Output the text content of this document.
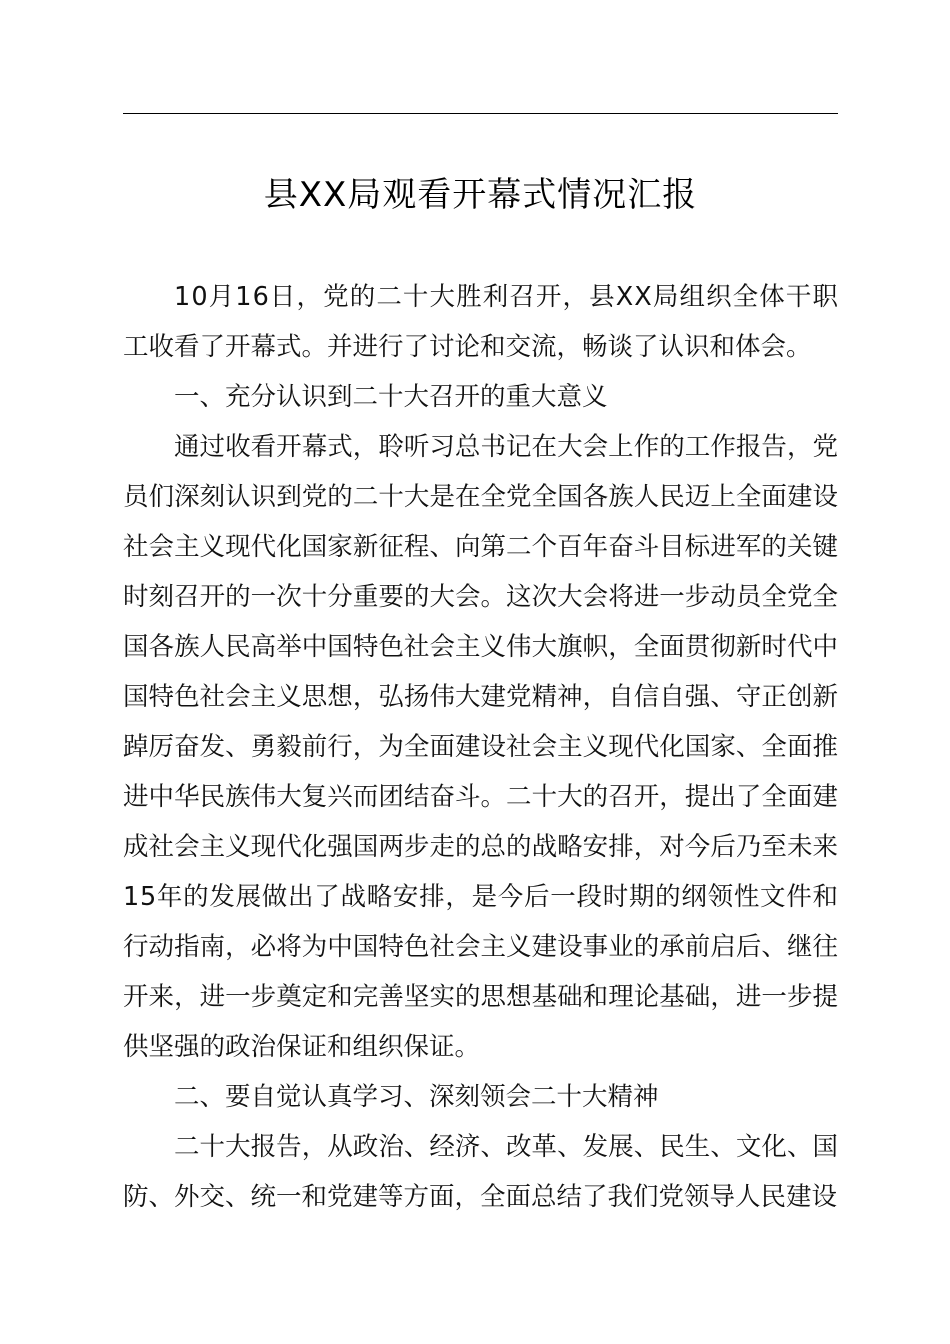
县XX局观看开幕式情况汇报
10月16日，党的二十大胜利召开，县XX局组织全体干职
工收看了开幕式。并进行了讨论和交流，畅谈了认识和体会。
一、充分认识到二十大召开的重大意义
通过收看开幕式，聆听习总书记在大会上作的工作报告，党
员们深刻认识到党的二十大是在全党全国各族人民迈上全面建设
社会主义现代化国家新征程、向第二个百年奋斗目标进军的关键
时刻召开的一次十分重要的大会。这次大会将进一步动员全党全
国各族人民高举中国特色社会主义伟大旗帜，全面贯彻新时代中
国特色社会主义思想，弘扬伟大建党精神，自信自强、守正创新
踔厉奋发、勇毅前行，为全面建设社会主义现代化国家、全面推
进中华民族伟大复兴而团结奋斗。二十大的召开，提出了全面建
成社会主义现代化强国两步走的总的战略安排，对今后乃至未来
15年的发展做出了战略安排，是今后一段时期的纲领性文件和
行动指南，必将为中国特色社会主义建设事业的承前启后、继往
开来，进一步奠定和完善坚实的思想基础和理论基础，进一步提
供坚强的政治保证和组织保证。
二、要自觉认真学习、深刻领会二十大精神
二十大报告，从政治、经济、改革、发展、民生、文化、国
防、外交、统一和党建等方面，全面总结了我们党领导人民建设
